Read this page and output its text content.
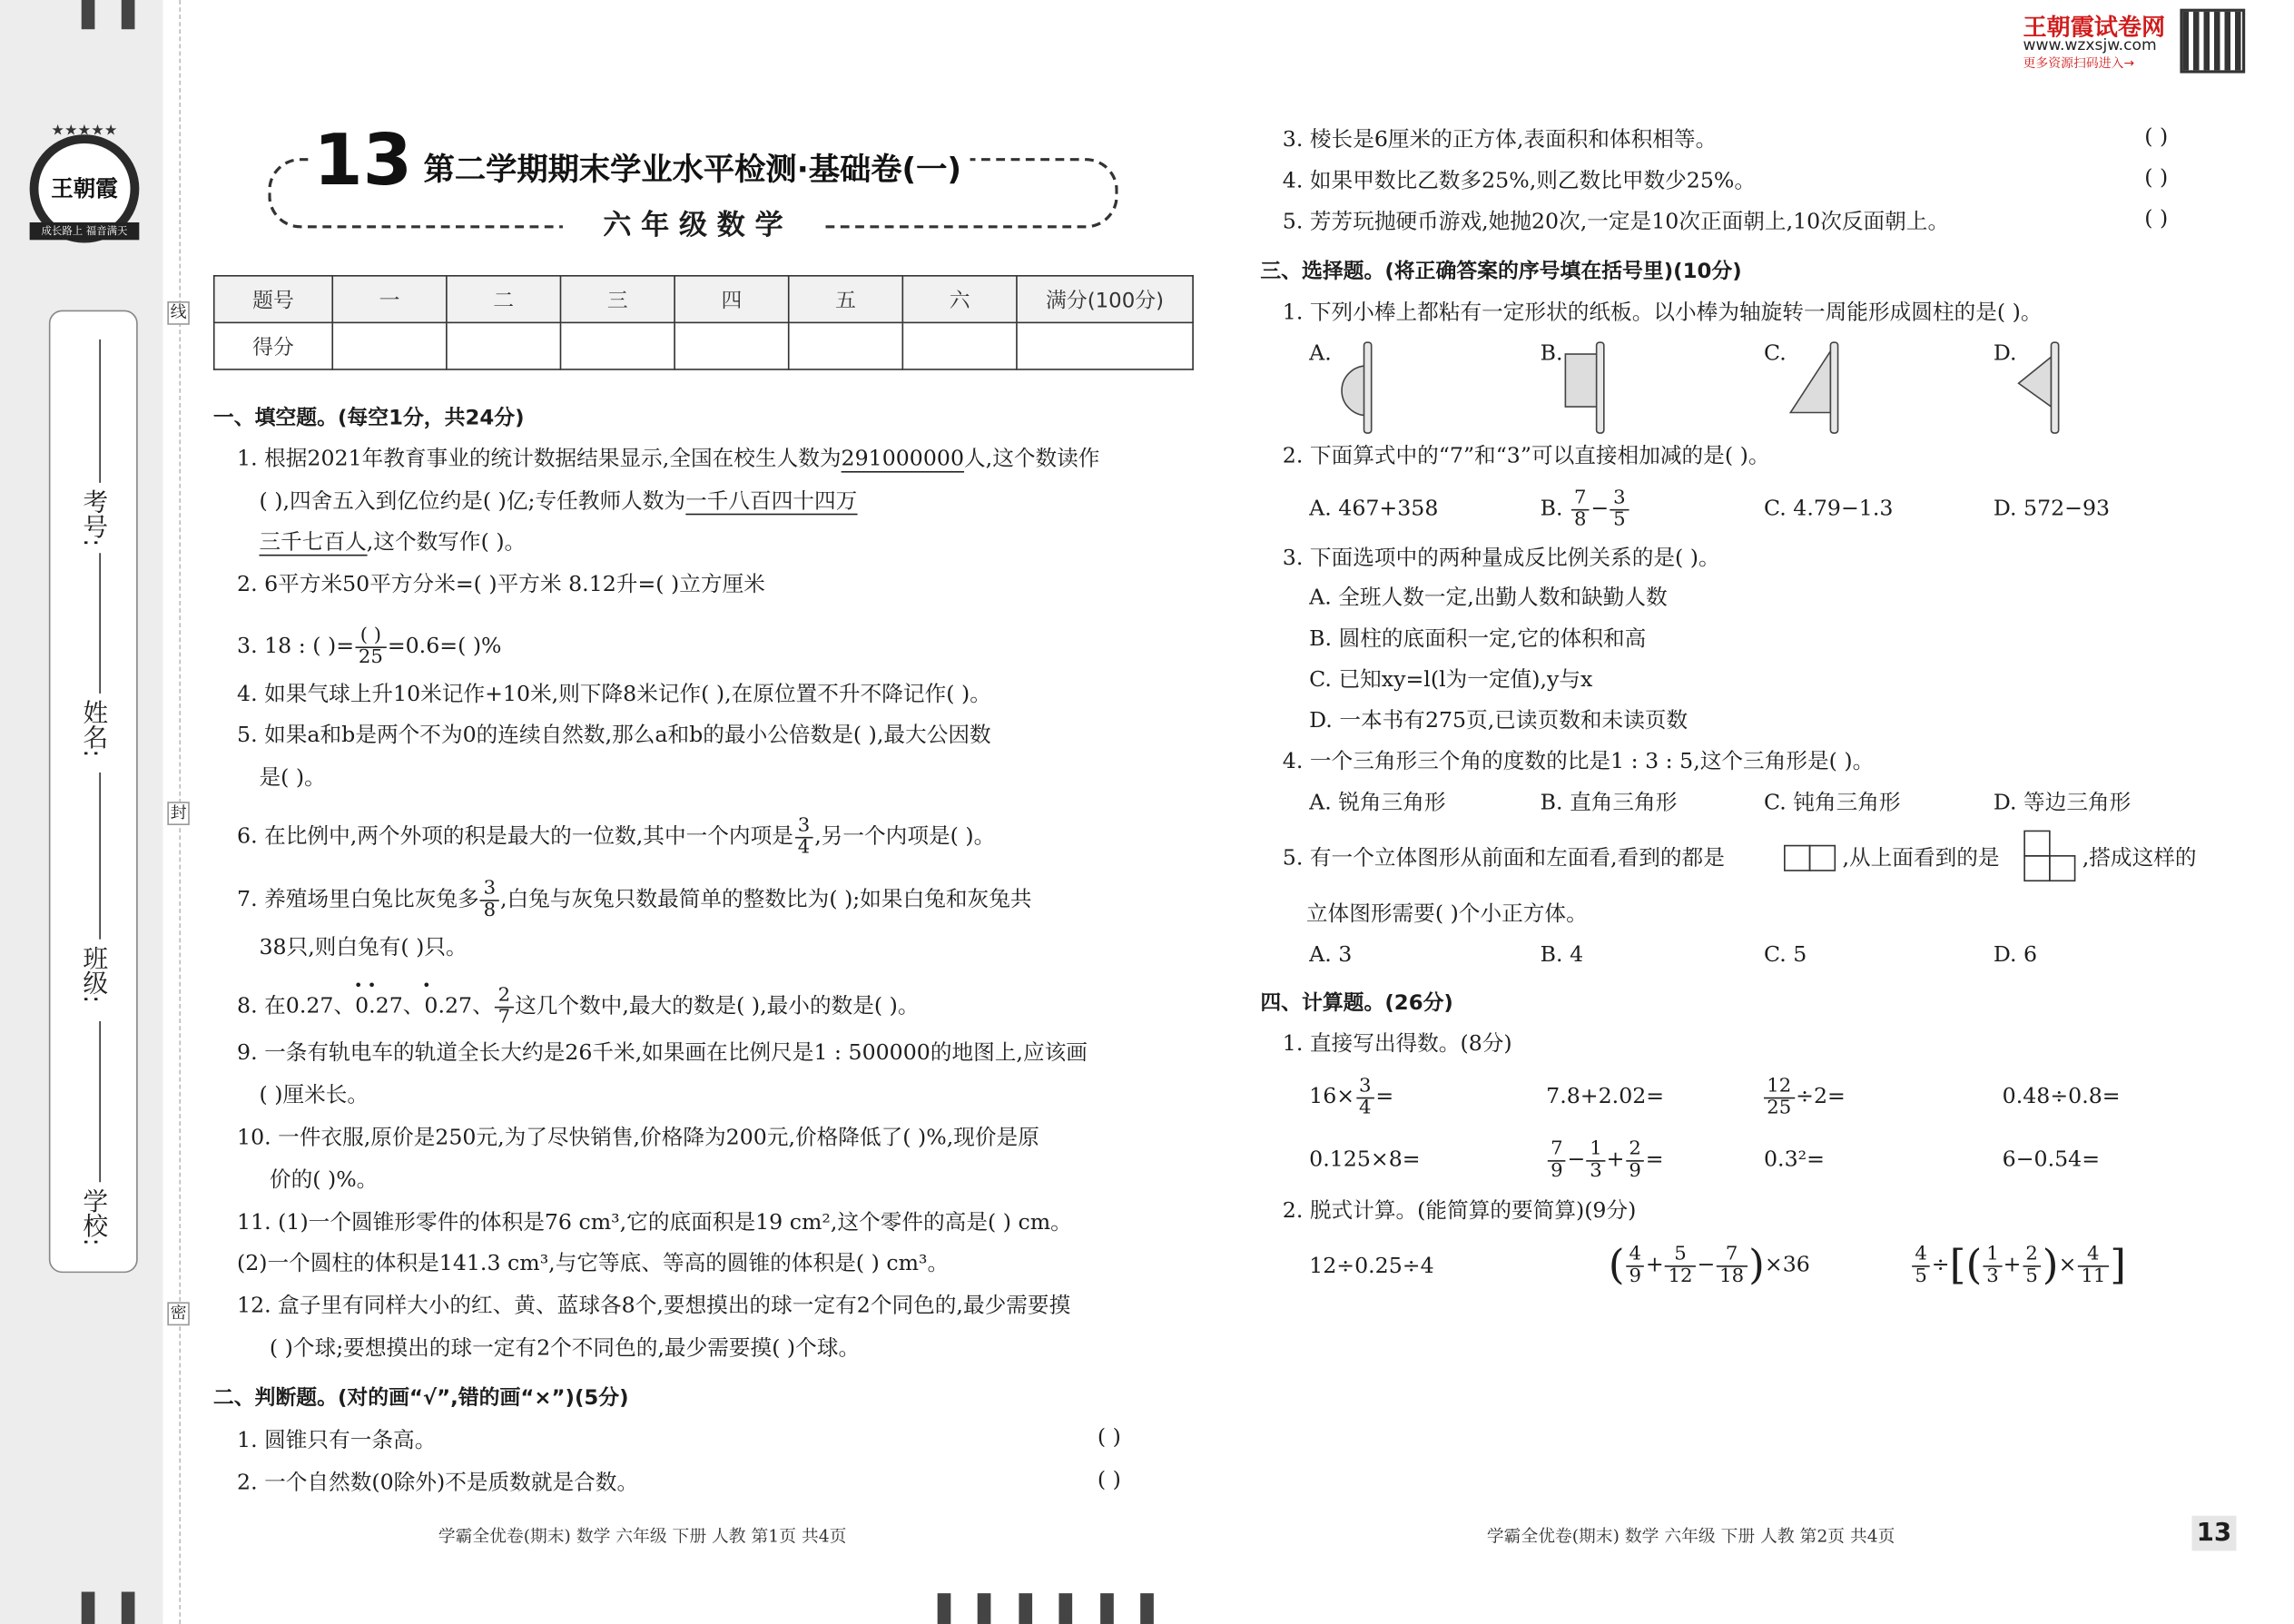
王朝霞
★★★★★
成长路上 福音满天
考号:
姓名:
班级:
学校:
线
封
密
13 第二学期期末学业水平检测·基础卷(一)
六 年 级 数 学
题号	一	二	三	四	五	六	满分(100分)
得分							
一、填空题。(每空1分，共24分)
1. 根据2021年教育事业的统计数据结果显示,全国在校生人数为291000000人,这个数读作
( ),四舍五入到亿位约是( )亿;专任教师人数为一千八百四十四万
三千七百人,这个数写作( )。
2. 6平方米50平方分米=( )平方米 8.12升=( )立方厘米
3. 18 : ( )= $\frac{( )}{25} =0.6=$( )%
4. 如果气球上升10米记作+10米,则下降8米记作( ),在原位置不升不降记作( )。
5. 如果a和b是两个不为0的连续自然数,那么a和b的最小公倍数是( ),最大公因数
是( )。
6. 在比例中,两个外项的积是最大的一位数,其中一个内项是 $\frac{3}{4}$ ,另一个内项是( )。
7. 养殖场里白兔比灰兔多 $\frac{3}{8}$ ,白兔与灰兔只数最简单的整数比为( );如果白兔和灰兔共
38只,则白兔有( )只。
8. 在0.27、0.27、0.27、 $\frac{2}{7}$ 这几个数中,最大的数是( ),最小的数是( )。
• •	•
9. 一条有轨电车的轨道全长大约是26千米,如果画在比例尺是1 : 500000的地图上,应该画
( )厘米长。
10. 一件衣服,原价是250元,为了尽快销售,价格降为200元,价格降低了( )%,现价是原
价的( )%。
11. (1)一个圆锥形零件的体积是76 cm³,它的底面积是19 cm²,这个零件的高是( ) cm。
(2)一个圆柱的体积是141.3 cm³,与它等底、等高的圆锥的体积是( ) cm³。
12. 盒子里有同样大小的红、黄、蓝球各8个,要想摸出的球一定有2个同色的,最少需要摸
( )个球;要想摸出的球一定有2个不同色的,最少需要摸( )个球。
二、判断题。(对的画“√”,错的画“×”)(5分)
1. 圆锥只有一条高。	( )
2. 一个自然数(0除外)不是质数就是合数。	( )
3. 棱长是6厘米的正方体,表面积和体积相等。	( )
4. 如果甲数比乙数多25%,则乙数比甲数少25%。	( )
5. 芳芳玩抛硬币游戏,她抛20次,一定是10次正面朝上,10次反面朝上。	( )
学霸全优卷(期末) 数学 六年级 下册 人教 第1页 共4页
王朝霞试卷网
www.wzxsjw.com
更多资源扫码进入→
三、选择题。(将正确答案的序号填在括号里)(10分)
1. 下列小棒上都粘有一定形状的纸板。以小棒为轴旋转一周能形成圆柱的是( )。
A.	B.	C.	D.
2. 下面算式中的“7”和“3”可以直接相加减的是( )。
A. 467+358	B. $\frac{7}{8} - \frac{3}{5}$	C. 4.79−1.3	D. 572−93
3. 下面选项中的两种量成反比例关系的是( )。
A. 全班人数一定,出勤人数和缺勤人数
B. 圆柱的底面积一定,它的体积和高
C. 已知xy=l(l为一定值),y与x
D. 一本书有275页,已读页数和未读页数
4. 一个三角形三个角的度数的比是1 : 3 : 5,这个三角形是( )。
A. 锐角三角形	B. 直角三角形	C. 钝角三角形	D. 等边三角形
5. 有一个立体图形从前面和左面看,看到的都是	,从上面看到的是	,搭成这样的
立体图形需要( )个小正方体。
A. 3	B. 4	C. 5	D. 6
四、计算题。(26分)
1. 直接写出得数。(8分)
$16\times \frac{3}{4}$ =	7.8+2.02=	$\frac{12}{25} \div 2=$	0.48÷0.8=
0.125×8=	$\frac{7}{9} - \frac{1}{3} + \frac{2}{9}$ =	0.3²=	6−0.54=
2. 脱式计算。(能简算的要简算)(9分)
12÷0.25÷4	( $\frac{4}{9} + \frac{5}{12} - \frac{7}{18} )\times 36$	$\frac{4}{5}$ ÷[( $\frac{1}{3} + \frac{2}{5}$ )× $\frac{4}{11}$ ]
学霸全优卷(期末) 数学 六年级 下册 人教 第2页 共4页	13
